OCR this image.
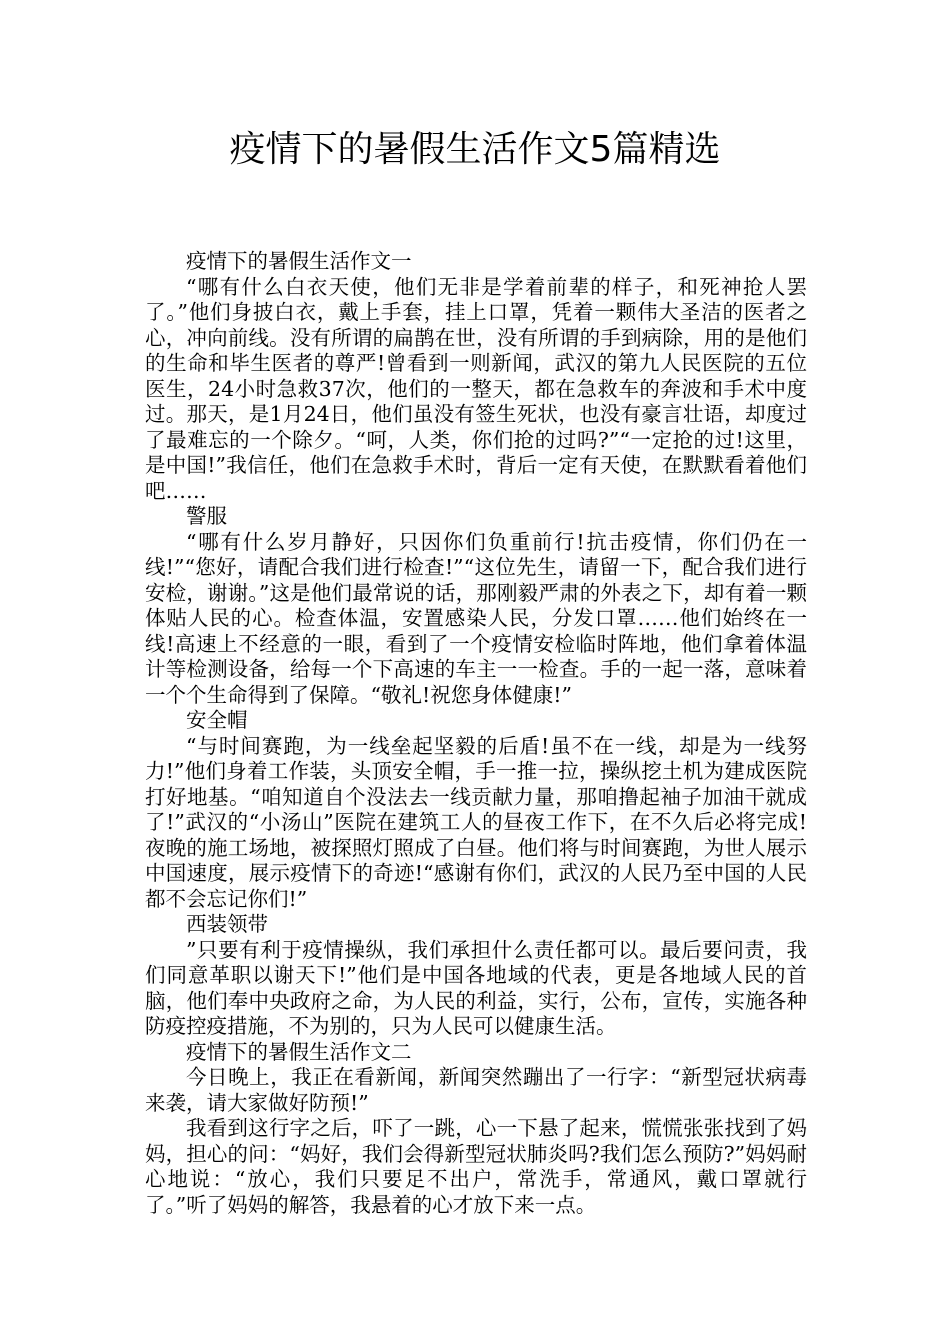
疫情下的暑假生活作文5篇精选

疫情下的暑假生活作文一

“哪有什么白衣天使，他们无非是学着前辈的样子，和死神抢人罢了。”他们身披白衣，戴上手套，挂上口罩，凭着一颗伟大圣洁的医者之心，冲向前线。没有所谓的扁鹊在世，没有所谓的手到病除，用的是他们的生命和毕生医者的尊严!曾看到一则新闻，武汉的第九人民医院的五位医生，24小时急救37次，他们的一整天，都在急救车的奔波和手术中度过。那天，是1月24日，他们虽没有签生死状，也没有豪言壮语，却度过了最难忘的一个除夕。“呵，人类，你们抢的过吗?”“一定抢的过!这里，是中国!”我信任，他们在急救手术时，背后一定有天使，在默默看着他们吧……

警服

“哪有什么岁月静好，只因你们负重前行!抗击疫情，你们仍在一线!”“您好，请配合我们进行检查!”“这位先生，请留一下，配合我们进行安检，谢谢。”这是他们最常说的话，那刚毅严肃的外表之下，却有着一颗体贴人民的心。检查体温，安置感染人民，分发口罩……他们始终在一线!高速上不经意的一眼，看到了一个疫情安检临时阵地，他们拿着体温计等检测设备，给每一个下高速的车主一一检查。手的一起一落，意味着一个个生命得到了保障。“敬礼!祝您身体健康!”

安全帽

“与时间赛跑，为一线垒起坚毅的后盾!虽不在一线，却是为一线努力!”他们身着工作装，头顶安全帽，手一推一拉，操纵挖土机为建成医院打好地基。“咱知道自个没法去一线贡献力量，那咱撸起袖子加油干就成了!”武汉的“小汤山”医院在建筑工人的昼夜工作下，在不久后必将完成!夜晚的施工场地，被探照灯照成了白昼。他们将与时间赛跑，为世人展示中国速度，展示疫情下的奇迹!“感谢有你们，武汉的人民乃至中国的人民都不会忘记你们!”

西装领带

”只要有利于疫情操纵，我们承担什么责任都可以。最后要问责，我们同意革职以谢天下!”他们是中国各地域的代表，更是各地域人民的首脑，他们奉中央政府之命，为人民的利益，实行，公布，宣传，实施各种防疫控疫措施，不为别的，只为人民可以健康生活。

疫情下的暑假生活作文二

今日晚上，我正在看新闻，新闻突然蹦出了一行字：“新型冠状病毒来袭，请大家做好防预!”

我看到这行字之后，吓了一跳，心一下悬了起来，慌慌张张找到了妈妈，担心的问：“妈好，我们会得新型冠状肺炎吗?我们怎么预防?”妈妈耐心地说：“放心，我们只要足不出户，常洗手，常通风，戴口罩就行了。”听了妈妈的解答，我悬着的心才放下来一点。
